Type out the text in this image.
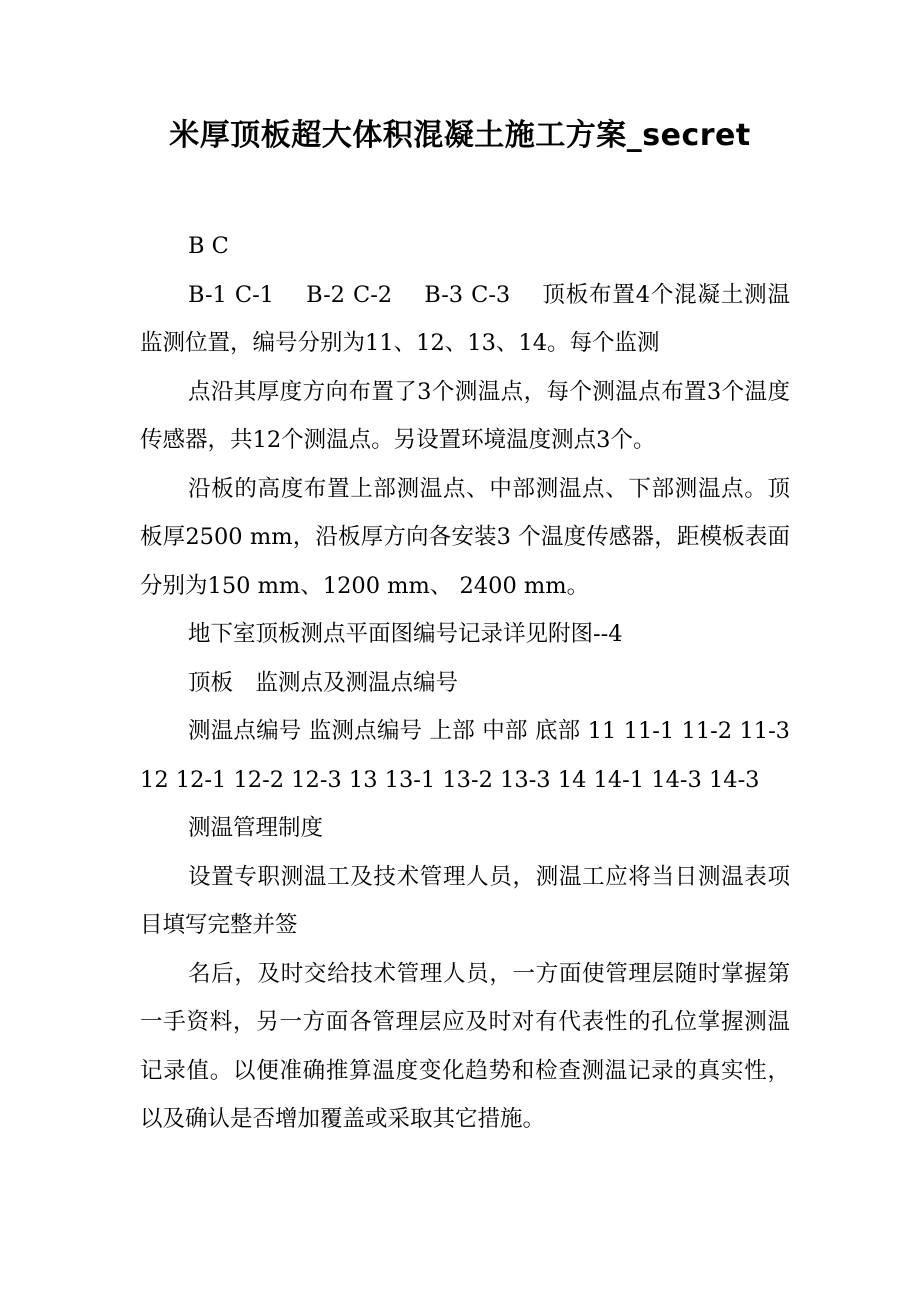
米厚顶板超大体积混凝土施工方案_secret

B C

B-1 C-1　 B-2 C-2　 B-3 C-3　 顶板布置4个混凝土测温监测位置，编号分别为11、12、13、14。每个监测

点沿其厚度方向布置了3个测温点，每个测温点布置3个温度传感器，共12个测温点。另设置环境温度测点3个。

沿板的高度布置上部测温点、中部测温点、下部测温点。顶板厚2500 mm，沿板厚方向各安装3 个温度传感器，距模板表面分别为150 mm、1200 mm、 2400 mm。

地下室顶板测点平面图编号记录详见附图--4

顶板　监测点及测温点编号

测温点编号 监测点编号 上部 中部 底部 11 11-1 11-2 11-3 12 12-1 12-2 12-3 13 13-1 13-2 13-3 14 14-1 14-3 14-3

测温管理制度

设置专职测温工及技术管理人员，测温工应将当日测温表项目填写完整并签

名后，及时交给技术管理人员，一方面使管理层随时掌握第一手资料，另一方面各管理层应及时对有代表性的孔位掌握测温记录值。以便准确推算温度变化趋势和检查测温记录的真实性，以及确认是否增加覆盖或采取其它措施。
